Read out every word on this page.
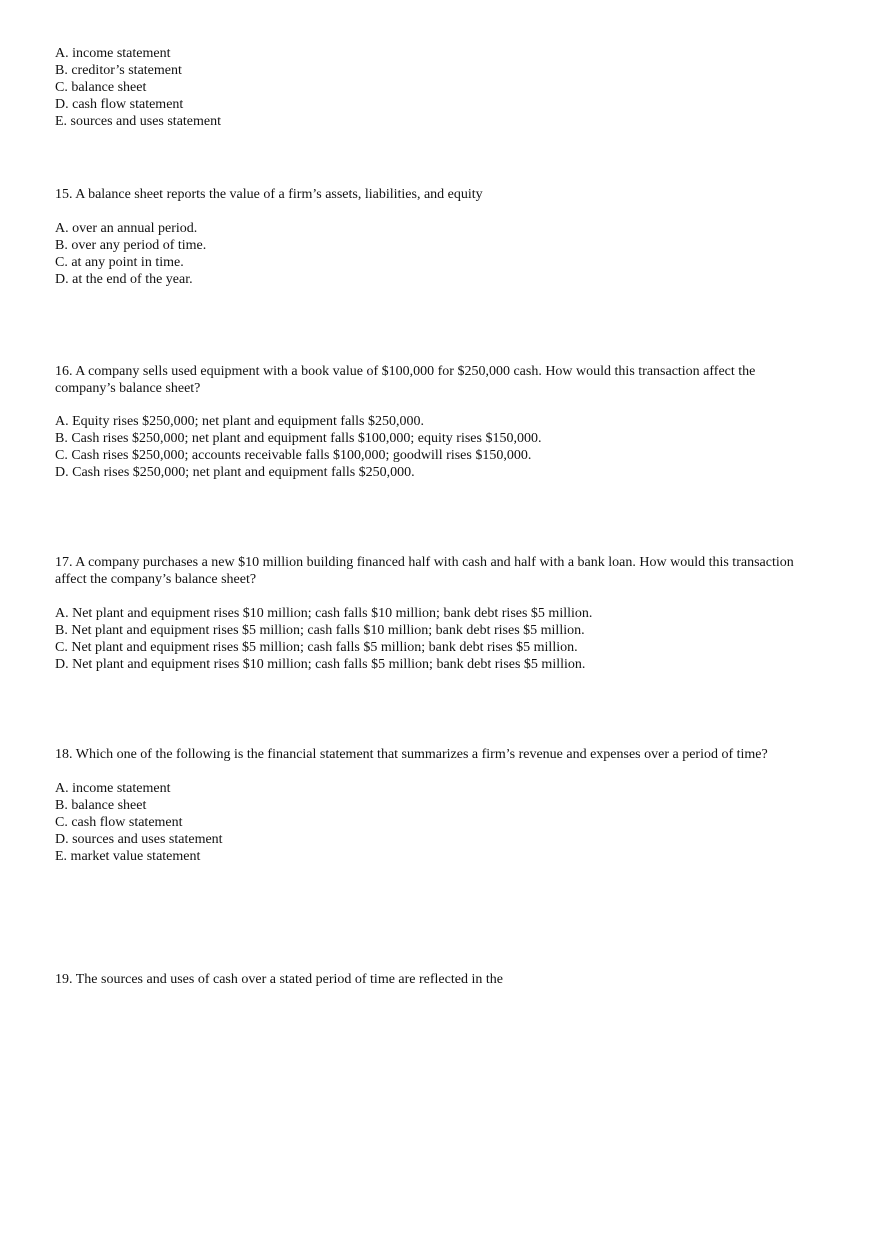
A. income statement
B. creditor’s statement
C. balance sheet
D. cash flow statement
E. sources and uses statement
15. A balance sheet reports the value of a firm’s assets, liabilities, and equity
A. over an annual period.
B. over any period of time.
C. at any point in time.
D. at the end of the year.
16. A company sells used equipment with a book value of $100,000 for $250,000 cash. How would this transaction affect the
company’s balance sheet?
A. Equity rises $250,000; net plant and equipment falls $250,000.
B. Cash rises $250,000; net plant and equipment falls $100,000; equity rises $150,000.
C. Cash rises $250,000; accounts receivable falls $100,000; goodwill rises $150,000.
D. Cash rises $250,000; net plant and equipment falls $250,000.
17. A company purchases a new $10 million building financed half with cash and half with a bank loan. How would this transaction
affect the company’s balance sheet?
A. Net plant and equipment rises $10 million; cash falls $10 million; bank debt rises $5 million.
B. Net plant and equipment rises $5 million; cash falls $10 million; bank debt rises $5 million.
C. Net plant and equipment rises $5 million; cash falls $5 million; bank debt rises $5 million.
D. Net plant and equipment rises $10 million; cash falls $5 million; bank debt rises $5 million.
18. Which one of the following is the financial statement that summarizes a firm’s revenue and expenses over a period of time?
A. income statement
B. balance sheet
C. cash flow statement
D. sources and uses statement
E. market value statement
19. The sources and uses of cash over a stated period of time are reflected in the
